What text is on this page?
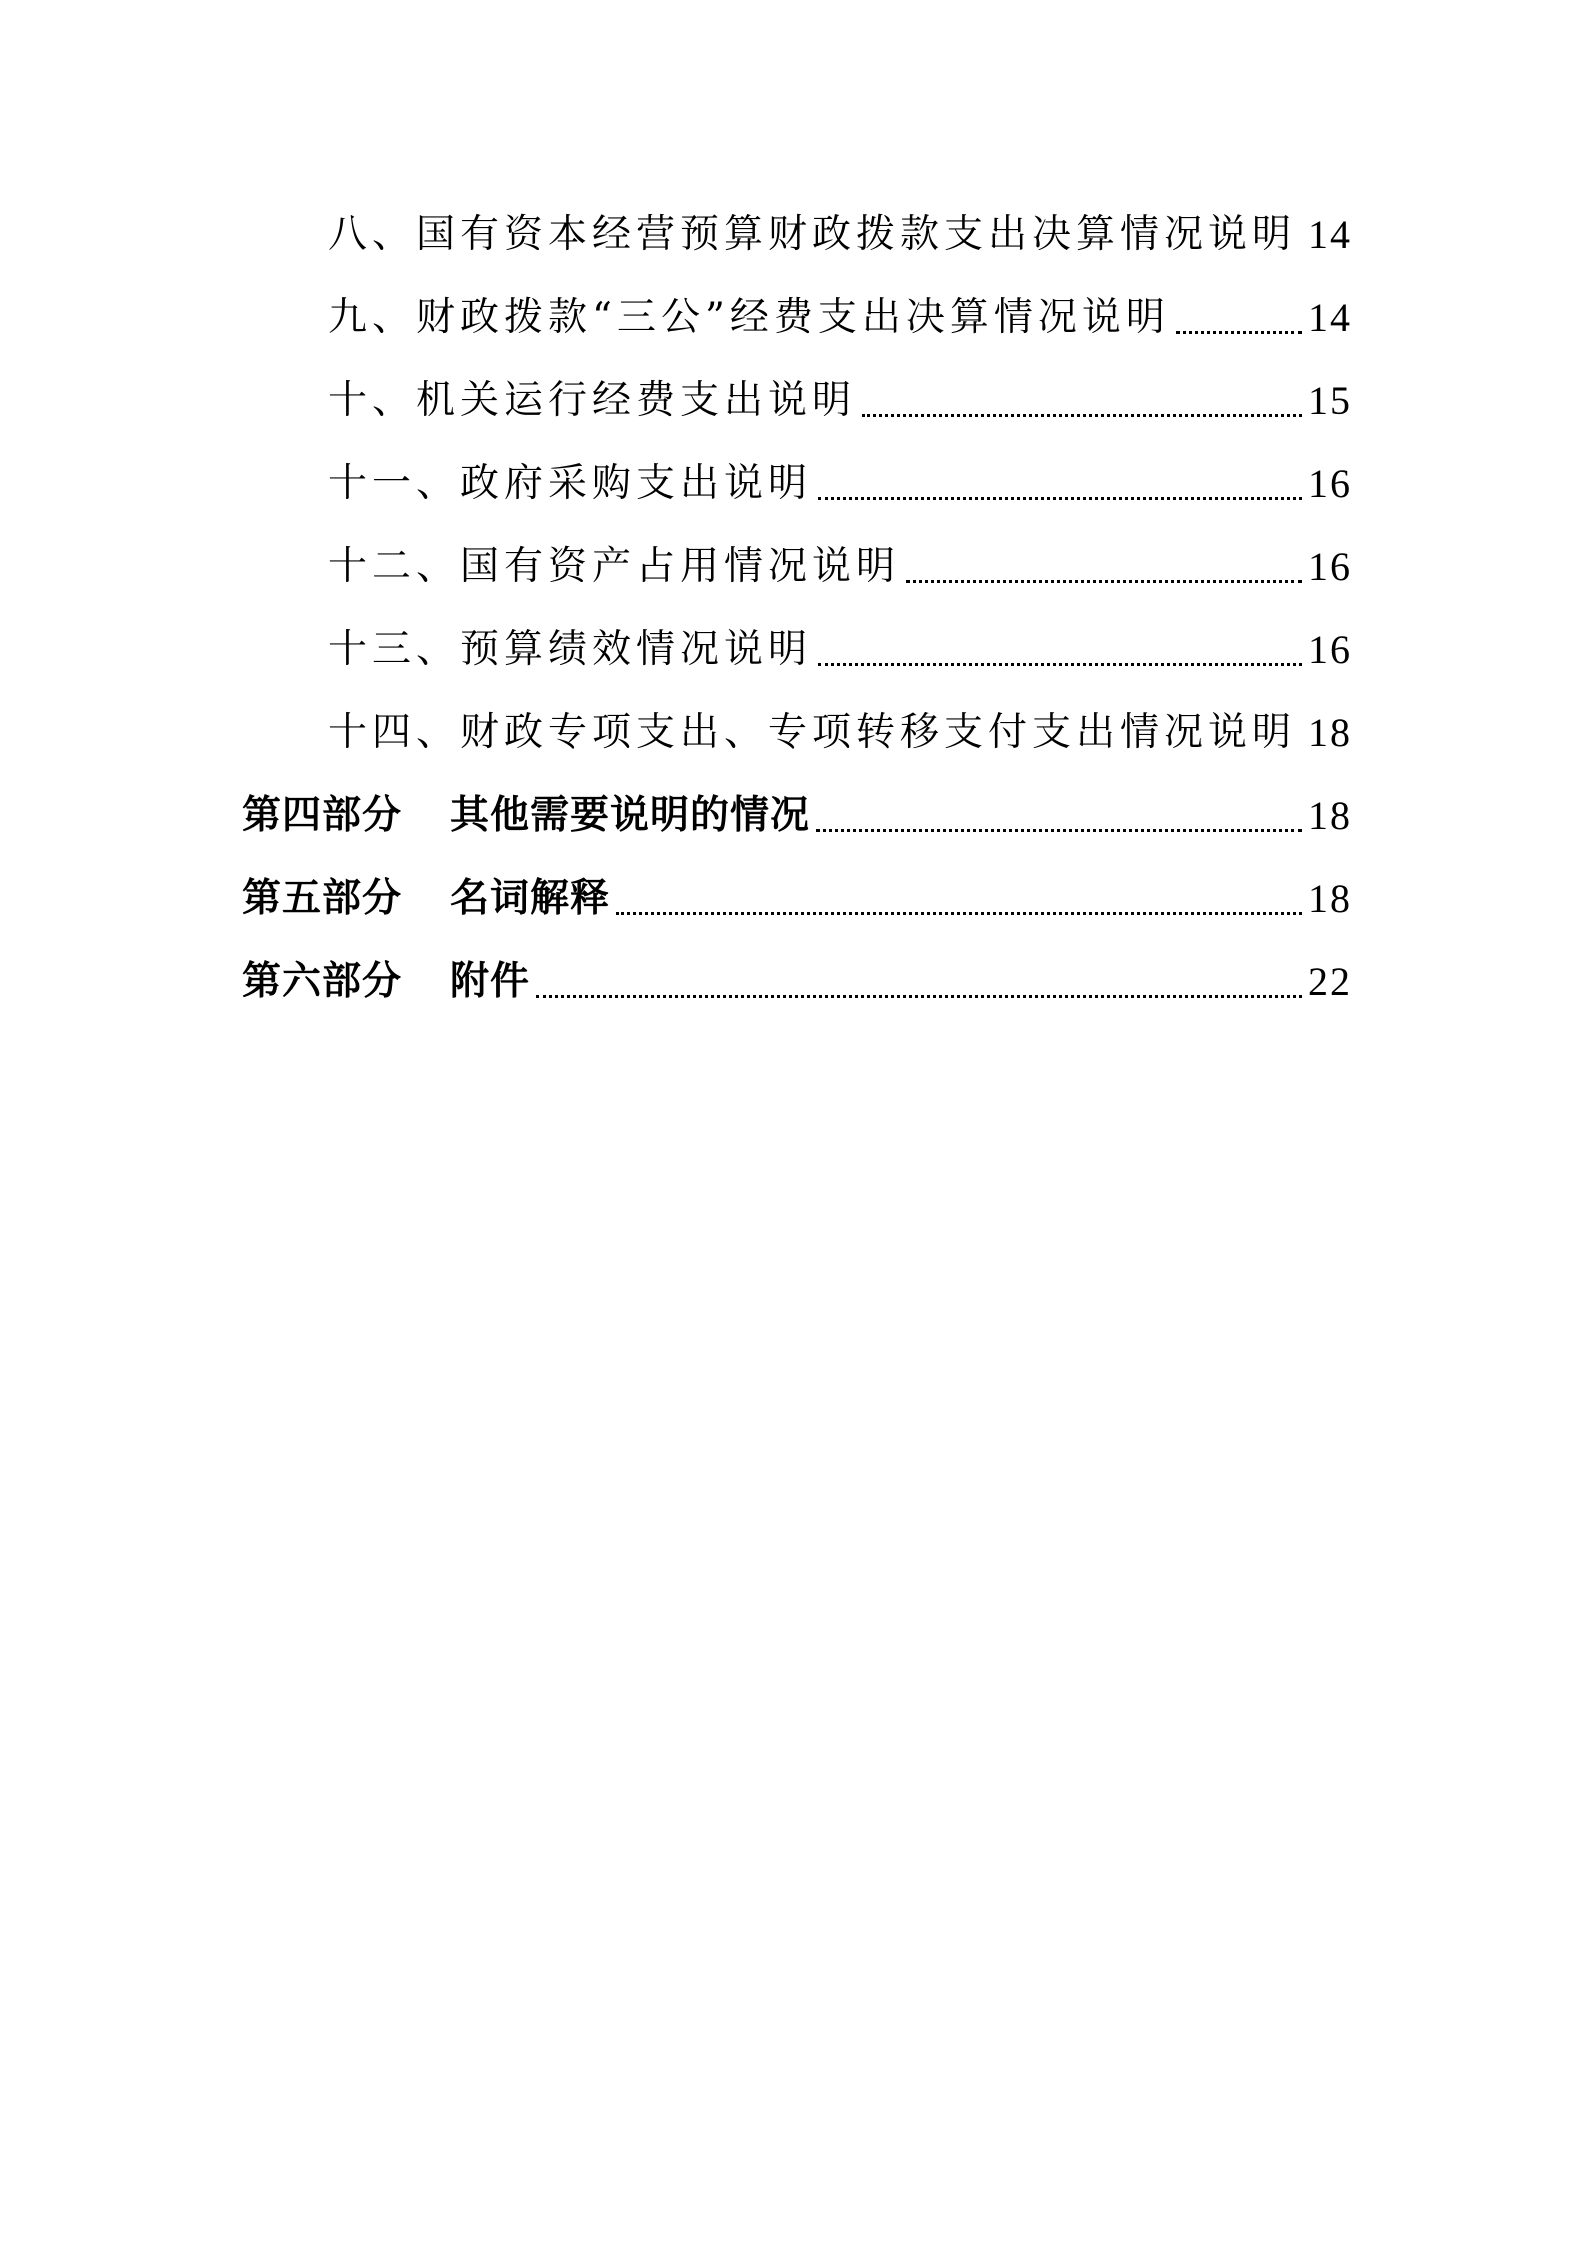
八、国有资本经营预算财政拨款支出决算情况说明 14
九、财政拨款“三公”经费支出决算情况说明	14
十、机关运行经费支出说明	15
十一、政府采购支出说明	16
十二、国有资产占用情况说明	16
十三、预算绩效情况说明	16
十四、财政专项支出、专项转移支付支出情况说明 18
第四部分 其他需要说明的情况	18
第五部分 名词解释	18
第六部分 附件	22
